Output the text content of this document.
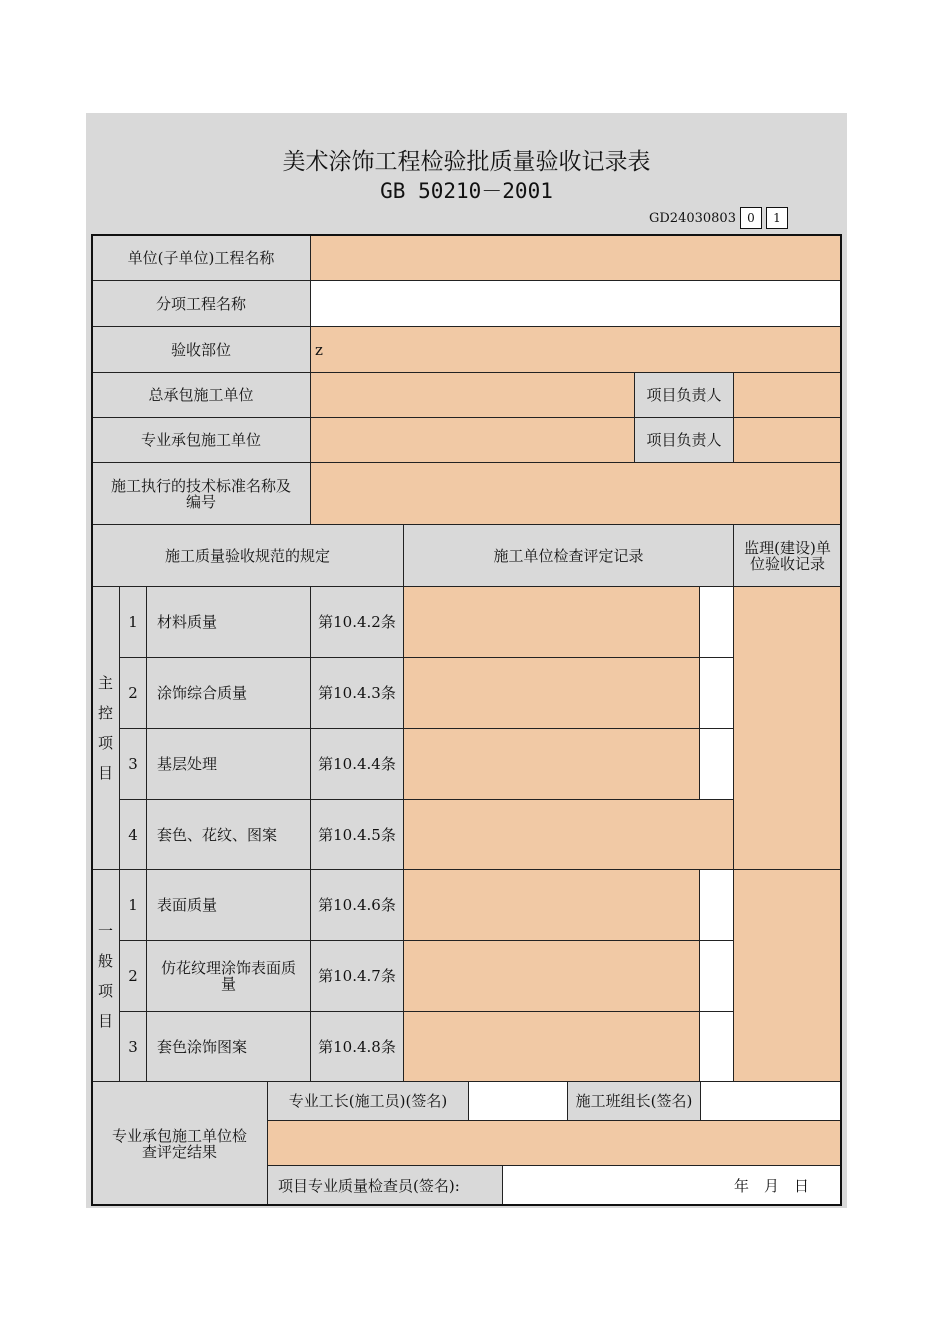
美术涂饰工程检验批质量验收记录表
GB 50210－2001
GD24030803 0	1
单位(子单位)工程名称
分项工程名称
验收部位	z
总承包施工单位	项目负责人
专业承包施工单位	项目负责人
施工执行的技术标准名称及编号
施工质量验收规范的规定	施工单位检查评定记录	监理(建设)单位验收记录
主
控
项
目
1	材料质量	第10.4.2条
2	涂饰综合质量	第10.4.3条
3	基层处理	第10.4.4条
4	套色、花纹、图案	第10.4.5条
一
般
项
目
1	表面质量	第10.4.6条
2	仿花纹理涂饰表面质量	第10.4.7条
3	套色涂饰图案	第10.4.8条
专业承包施工单位检查评定结果
专业工长(施工员)(签名)	施工班组长(签名)
项目专业质量检查员(签名):	年　月　日
